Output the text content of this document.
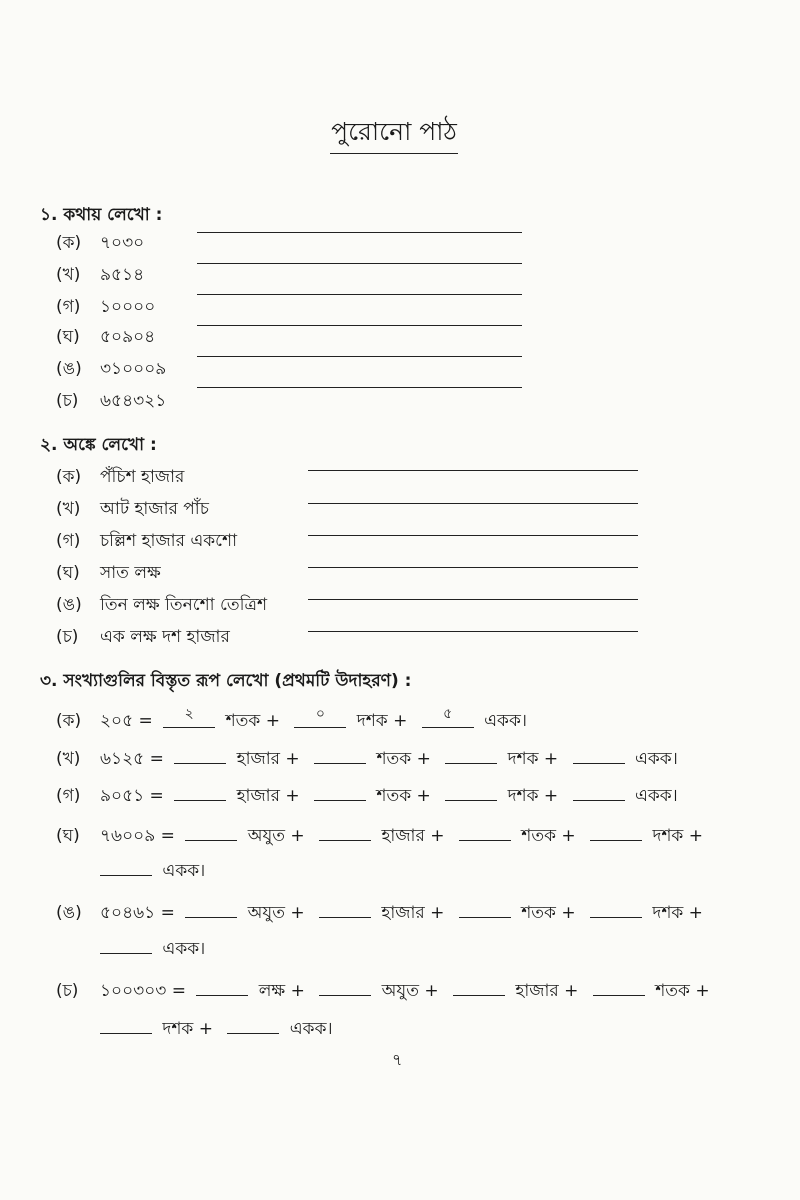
পুরোনো পাঠ
১. কথায় লেখো :
(ক) ৭০৩০
(খ) ৯৫১৪
(গ) ১০০০০
(ঘ) ৫০৯০৪
(ঙ) ৩১০০০৯
(চ) ৬৫৪৩২১
২. অঙ্কে লেখো :
(ক) পঁচিশ হাজার
(খ) আট হাজার পাঁচ
(গ) চল্লিশ হাজার একশো
(ঘ) সাত লক্ষ
(ঙ) তিন লক্ষ তিনশো তেত্রিশ
(চ) এক লক্ষ দশ হাজার
৩. সংখ্যাগুলির বিস্তৃত রূপ লেখো (প্রথমটি উদাহরণ) :
(ক) ২০৫ = $^২$ শতক +	$^০$ দশক +	$^৫$ একক।
(খ) ৬১২৫ =	হাজার +	শতক +	দশক +	একক।
(গ) ৯০৫১ =	হাজার +	শতক +	দশক +	একক।
(ঘ) ৭৬০০৯ =	অযুত +	হাজার +	শতক +	দশক +
একক।
(ঙ) ৫০৪৬১ =	অযুত +	হাজার +	শতক +	দশক +
একক।
(চ) ১০০৩০৩ =	লক্ষ +	অযুত +	হাজার +	শতক +
দশক +	একক।
৭
